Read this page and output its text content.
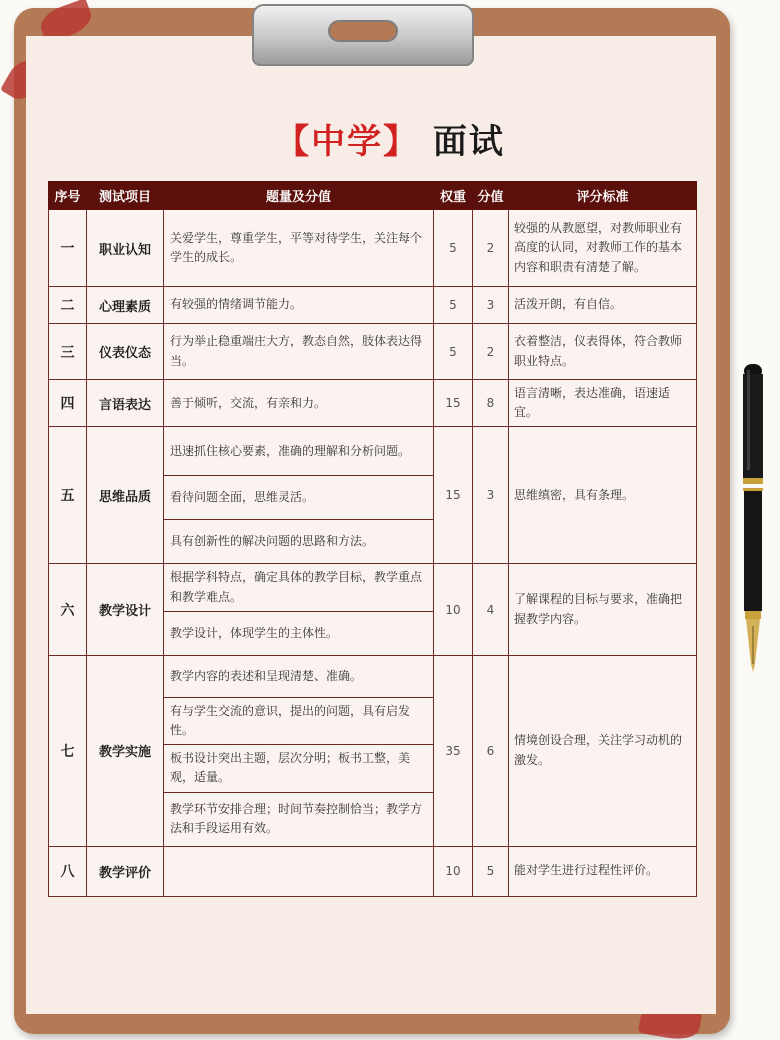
【中学】 面试
序号	测试项目	题量及分值	权重	分值	评分标准
一	职业认知	关爱学生，尊重学生，平等对待学生，关注每个学生的成长。	5	2	较强的从教愿望，对教师职业有高度的认同，对教师工作的基本内容和职责有清楚了解。
二	心理素质	有较强的情绪调节能力。	5	3	活泼开朗，有自信。
三	仪表仪态	行为举止稳重端庄大方，教态自然，肢体表达得当。	5	2	衣着整洁，仪表得体，符合教师职业特点。
四	言语表达	善于倾听，交流，有亲和力。	15	8	语言清晰，表达准确，语速适宜。
五	思维品质	迅速抓住核心要素，准确的理解和分析问题。	15	3	思维缜密，具有条理。
		看待问题全面，思维灵活。			
		具有创新性的解决问题的思路和方法。			
六	教学设计	根据学科特点，确定具体的教学目标，教学重点和教学难点。	10	4	了解课程的目标与要求，准确把握教学内容。
		教学设计，体现学生的主体性。			
七	教学实施	教学内容的表述和呈现清楚、准确。	35	6	情境创设合理，关注学习动机的激发。
		有与学生交流的意识，提出的问题，具有启发性。			
		板书设计突出主题，层次分明；板书工整，美观，适量。			
		教学环节安排合理；时间节奏控制恰当；教学方法和手段运用有效。			
八	教学评价		10	5	能对学生进行过程性评价。
